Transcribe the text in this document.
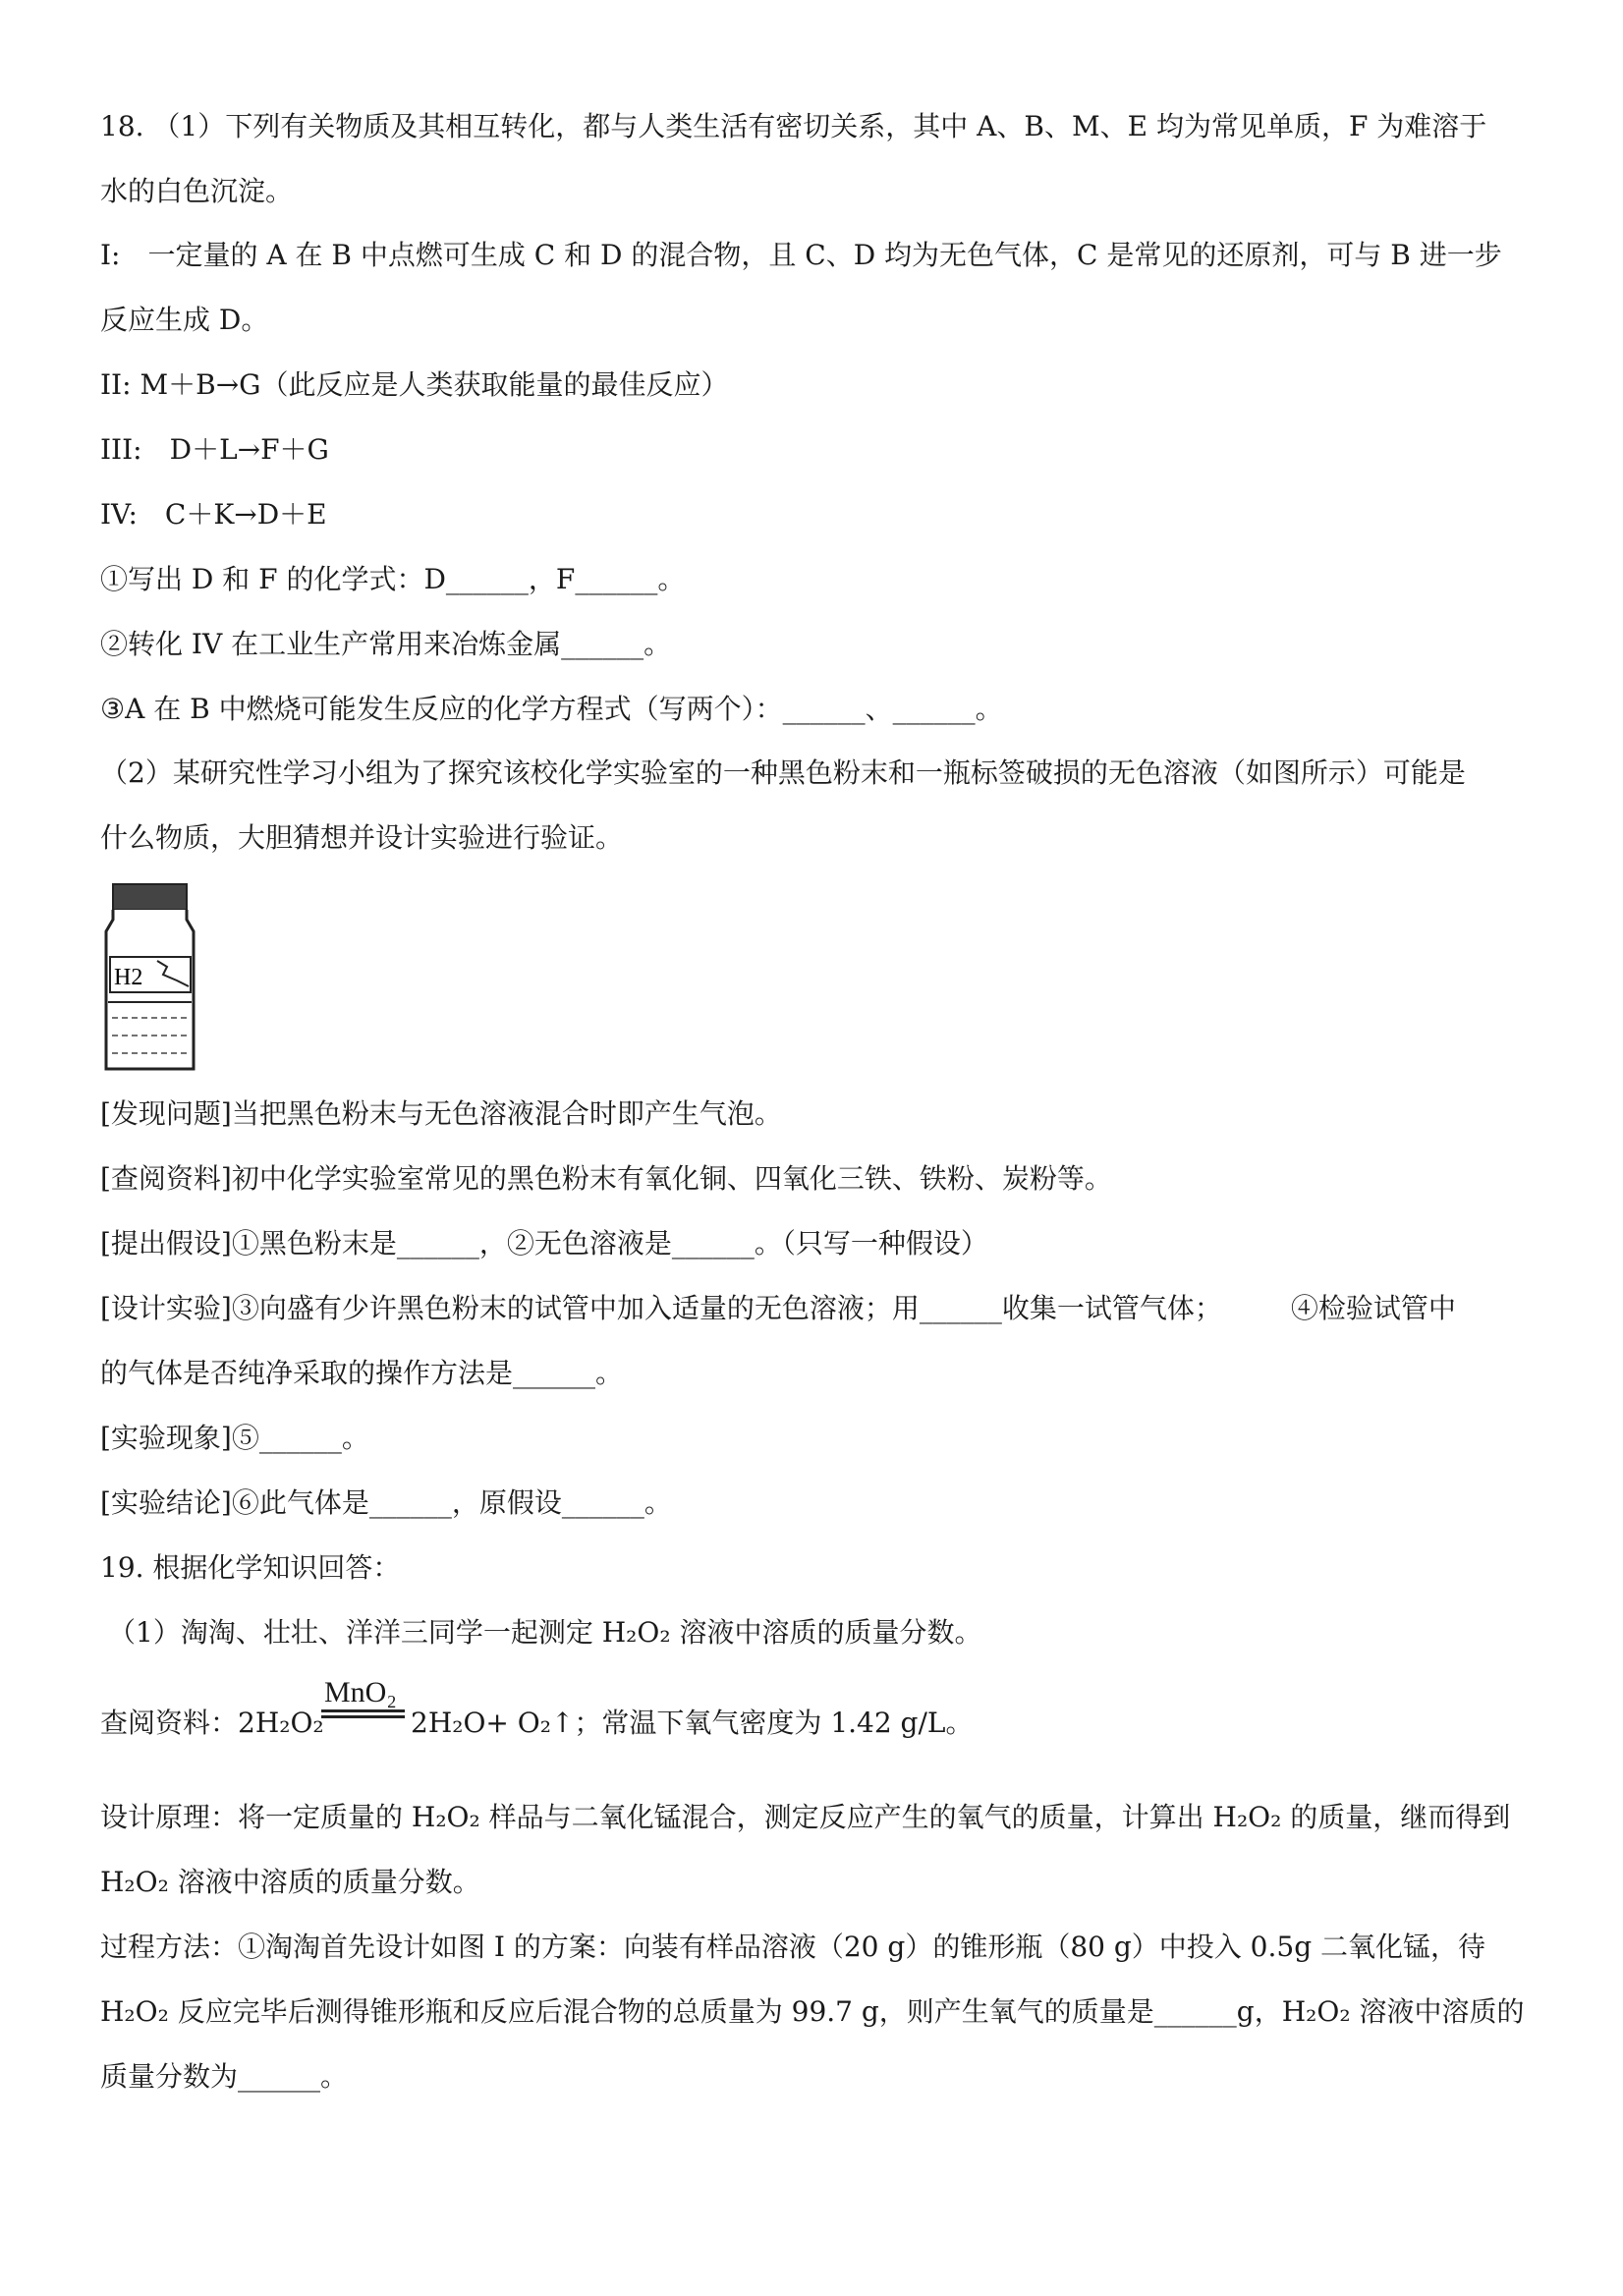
18. （1）下列有关物质及其相互转化，都与人类生活有密切关系，其中 A、B、M、E 均为常见单质，F 为难溶于
水的白色沉淀。
I:　一定量的 A 在 B 中点燃可生成 C 和 D 的混合物，且 C、D 均为无色气体，C 是常见的还原剂，可与 B 进一步
反应生成 D。
II: M＋B→G（此反应是人类获取能量的最佳反应）
III:　D＋L→F＋G
IV:　C＋K→D＋E
①写出 D 和 F 的化学式：D______，F______。
②转化 IV 在工业生产常用来冶炼金属______。
③A 在 B 中燃烧可能发生反应的化学方程式（写两个）：______、______。
（2）某研究性学习小组为了探究该校化学实验室的一种黑色粉末和一瓶标签破损的无色溶液（如图所示）可能是
什么物质，大胆猜想并设计实验进行验证。
H2
[发现问题]当把黑色粉末与无色溶液混合时即产生气泡。
[查阅资料]初中化学实验室常见的黑色粉末有氧化铜、四氧化三铁、铁粉、炭粉等。
[提出假设]①黑色粉末是______，②无色溶液是______。（只写一种假设）
[设计实验]③向盛有少许黑色粉末的试管中加入适量的无色溶液；用______收集一试管气体；　　　④检验试管中
的气体是否纯净采取的操作方法是______。
[实验现象]⑤______。
[实验结论]⑥此气体是______，原假设______。
19. 根据化学知识回答：
（1）淘淘、壮壮、洋洋三同学一起测定 H₂O₂ 溶液中溶质的质量分数。
MnO₂
查阅资料：2H₂O₂	2H₂O+ O₂↑；常温下氧气密度为 1.42 g/L。
设计原理：将一定质量的 H₂O₂ 样品与二氧化锰混合，测定反应产生的氧气的质量，计算出 H₂O₂ 的质量，继而得到
H₂O₂ 溶液中溶质的质量分数。
过程方法：①淘淘首先设计如图 I 的方案：向装有样品溶液（20 g）的锥形瓶（80 g）中投入 0.5g 二氧化锰，待
H₂O₂ 反应完毕后测得锥形瓶和反应后混合物的总质量为 99.7 g，则产生氧气的质量是______g，H₂O₂ 溶液中溶质的
质量分数为______。
